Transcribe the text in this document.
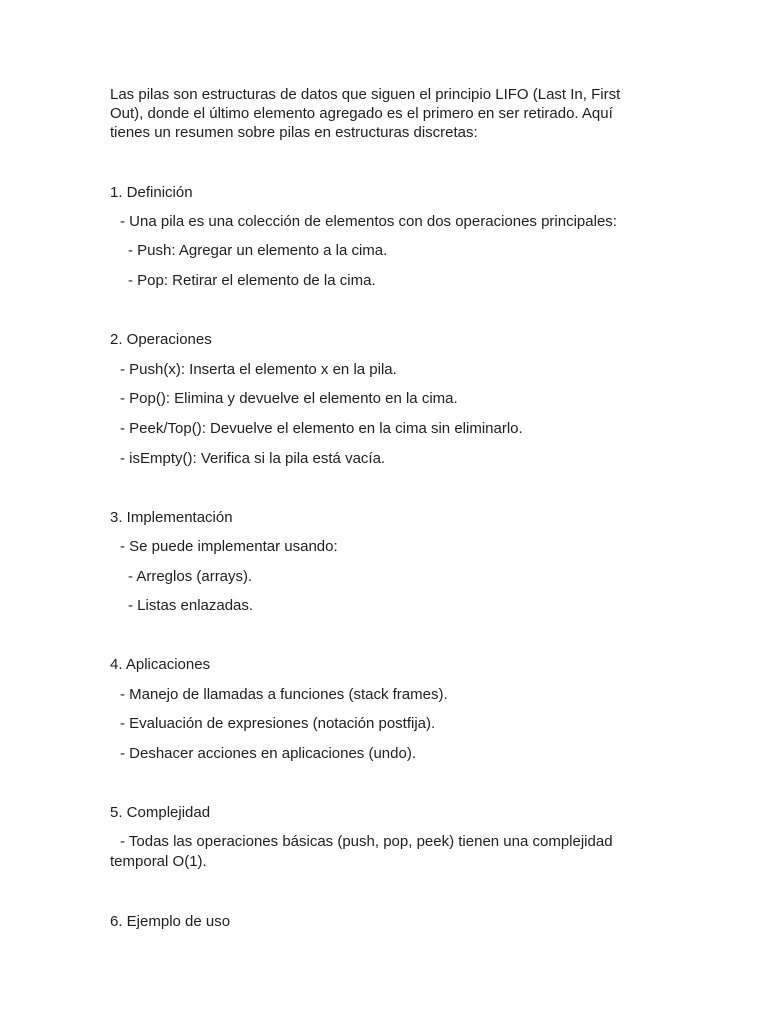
Las pilas son estructuras de datos que siguen el principio LIFO (Last In, First
Out), donde el último elemento agregado es el primero en ser retirado. Aquí
tienes un resumen sobre pilas en estructuras discretas:
1. Definición
- Una pila es una colección de elementos con dos operaciones principales:
- Push: Agregar un elemento a la cima.
- Pop: Retirar el elemento de la cima.
2. Operaciones
- Push(x): Inserta el elemento x en la pila.
- Pop(): Elimina y devuelve el elemento en la cima.
- Peek/Top(): Devuelve el elemento en la cima sin eliminarlo.
- isEmpty(): Verifica si la pila está vacía.
3. Implementación
- Se puede implementar usando:
- Arreglos (arrays).
- Listas enlazadas.
4. Aplicaciones
- Manejo de llamadas a funciones (stack frames).
- Evaluación de expresiones (notación postfija).
- Deshacer acciones en aplicaciones (undo).
5. Complejidad
- Todas las operaciones básicas (push, pop, peek) tienen una complejidad
temporal O(1).
6. Ejemplo de uso
